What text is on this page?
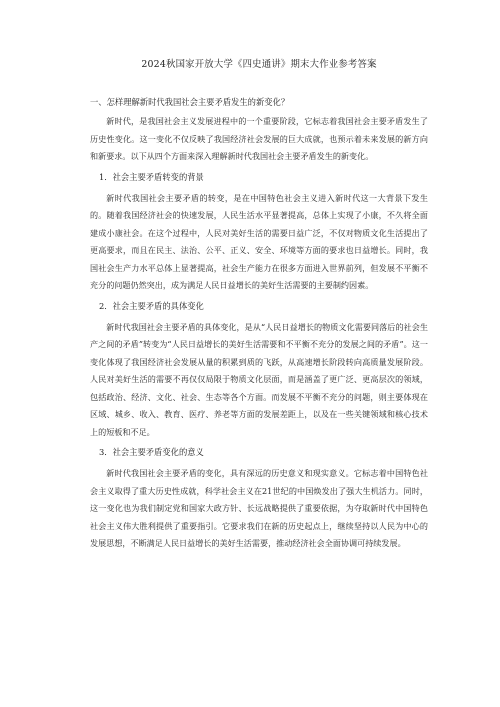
2024秋国家开放大学《四史通讲》期末大作业参考答案
一、怎样理解新时代我国社会主要矛盾发生的新变化？

新时代，是我国社会主义发展进程中的一个重要阶段，它标志着我国社会主要矛盾发生了历史性变化。这一变化不仅反映了我国经济社会发展的巨大成就，也预示着未来发展的新方向和新要求。以下从四个方面来深入理解新时代我国社会主要矛盾发生的新变化。

1．社会主要矛盾转变的背景

新时代我国社会主要矛盾的转变，是在中国特色社会主义进入新时代这一大背景下发生的。随着我国经济社会的快速发展，人民生活水平显著提高，总体上实现了小康，不久将全面建成小康社会。在这个过程中，人民对美好生活的需要日益广泛，不仅对物质文化生活提出了更高要求，而且在民主、法治、公平、正义、安全、环境等方面的要求也日益增长。同时，我国社会生产力水平总体上显著提高，社会生产能力在很多方面进入世界前列，但发展不平衡不充分的问题仍然突出，成为满足人民日益增长的美好生活需要的主要制约因素。

2．社会主要矛盾的具体变化

新时代我国社会主要矛盾的具体变化，是从“人民日益增长的物质文化需要同落后的社会生产之间的矛盾”转变为“人民日益增长的美好生活需要和不平衡不充分的发展之间的矛盾”。这一变化体现了我国经济社会发展从量的积累到质的飞跃，从高速增长阶段转向高质量发展阶段。人民对美好生活的需要不再仅仅局限于物质文化层面，而是涵盖了更广泛、更高层次的领域，包括政治、经济、文化、社会、生态等各个方面。而发展不平衡不充分的问题，则主要体现在区域、城乡、收入、教育、医疗、养老等方面的发展差距上，以及在一些关键领域和核心技术上的短板和不足。

3．社会主要矛盾变化的意义

新时代我国社会主要矛盾的变化，具有深远的历史意义和现实意义。它标志着中国特色社会主义取得了重大历史性成就，科学社会主义在21世纪的中国焕发出了强大生机活力。同时，这一变化也为我们制定党和国家大政方针、长远战略提供了重要依据，为夺取新时代中国特色社会主义伟大胜利提供了重要指引。它要求我们在新的历史起点上，继续坚持以人民为中心的发展思想，不断满足人民日益增长的美好生活需要，推动经济社会全面协调可持续发展。
